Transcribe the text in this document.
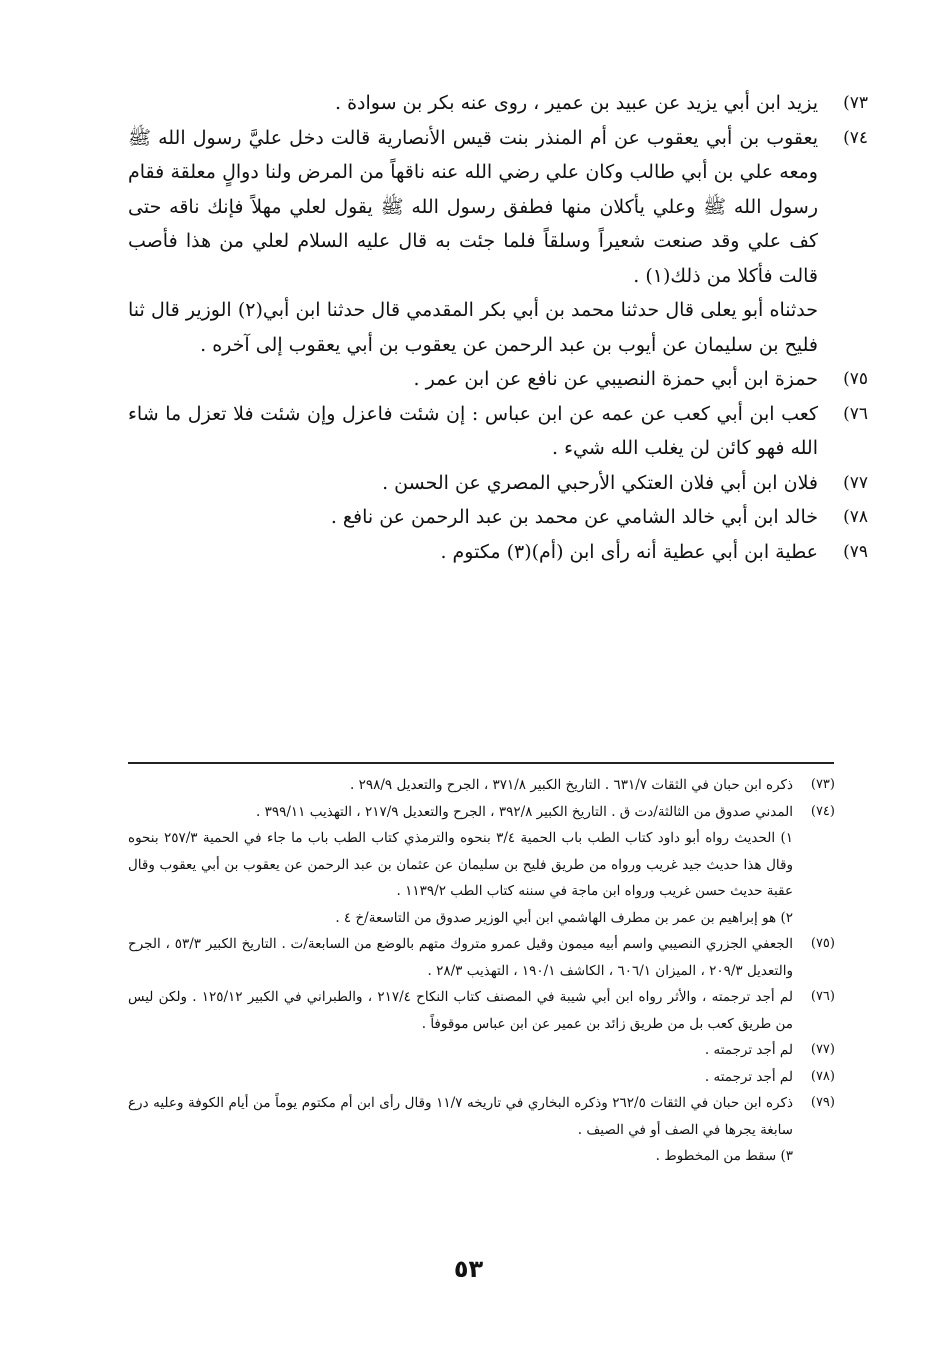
٧٣)
يزيد ابن أبي يزيد عن عبيد بن عمير ، روى عنه بكر بن سوادة .
٧٤)
يعقوب بن أبي يعقوب عن أم المنذر بنت قيس الأنصارية قالت دخل عليَّ رسول الله ﷺ ومعه علي بن أبي طالب وكان علي رضي الله عنه ناقهاً من المرض ولنا دوالٍ معلقة فقام رسول الله ﷺ وعلي يأكلان منها فطفق رسول الله ﷺ يقول لعلي مهلاً فإنك ناقه حتى كف علي وقد صنعت شعيراً وسلقاً فلما جئت به قال عليه السلام لعلي من هذا فأصب قالت فأكلا من ذلك(١) .
حدثناه أبو يعلى قال حدثنا محمد بن أبي بكر المقدمي قال حدثنا ابن أبي(٢) الوزير قال ثنا فليح بن سليمان عن أيوب بن عبد الرحمن عن يعقوب بن أبي يعقوب إلى آخره .
٧٥)
حمزة ابن أبي حمزة النصيبي عن نافع عن ابن عمر .
٧٦)
كعب ابن أبي كعب عن عمه عن ابن عباس : إن شئت فاعزل وإن شئت فلا تعزل ما شاء الله فهو كائن لن يغلب الله شيء .
٧٧)
فلان ابن أبي فلان العتكي الأرحبي المصري عن الحسن .
٧٨)
خالد ابن أبي خالد الشامي عن محمد بن عبد الرحمن عن نافع .
٧٩)
عطية ابن أبي عطية أنه رأى ابن (أم)(٣) مكتوم .
(٧٣)
ذكره ابن حبان في الثقات ٦٣١/٧ . التاريخ الكبير ٣٧١/٨ ، الجرح والتعديل ٢٩٨/٩ .
(٧٤)
المدني صدوق من الثالثة/دت ق . التاريخ الكبير ٣٩٢/٨ ، الجرح والتعديل ٢١٧/٩ ، التهذيب ٣٩٩/١١ .
١) الحديث رواه أبو داود كتاب الطب باب الحمية ٣/٤ بنحوه والترمذي كتاب الطب باب ما جاء في الحمية ٢٥٧/٣ بنحوه وقال هذا حديث جيد غريب ورواه من طريق فليح بن سليمان عن عثمان بن عبد الرحمن عن يعقوب بن أبي يعقوب وقال عقبة حديث حسن غريب ورواه ابن ماجة في سننه كتاب الطب ١١٣٩/٢ .
٢) هو إبراهيم بن عمر بن مطرف الهاشمي ابن أبي الوزير صدوق من التاسعة/خ ٤ .
(٧٥)
الجعفي الجزري النصيبي واسم أبيه ميمون وقيل عمرو متروك متهم بالوضع من السابعة/ت . التاريخ الكبير ٥٣/٣ ، الجرح والتعديل ٢٠٩/٣ ، الميزان ٦٠٦/١ ، الكاشف ١٩٠/١ ، التهذيب ٢٨/٣ .
(٧٦)
لم أجد ترجمته ، والأثر رواه ابن أبي شيبة في المصنف كتاب النكاح ٢١٧/٤ ، والطبراني في الكبير ١٢٥/١٢ . ولكن ليس من طريق كعب بل من طريق زائد بن عمير عن ابن عباس موقوفاً .
(٧٧)
لم أجد ترجمته .
(٧٨)
لم أجد ترجمته .
(٧٩)
ذكره ابن حبان في الثقات ٢٦٢/٥ وذكره البخاري في تاريخه ١١/٧ وقال رأى ابن أم مكتوم يوماً من أيام الكوفة وعليه درع سابغة يجرها في الصف أو في الصيف .
٣) سقط من المخطوط .
٥٣
